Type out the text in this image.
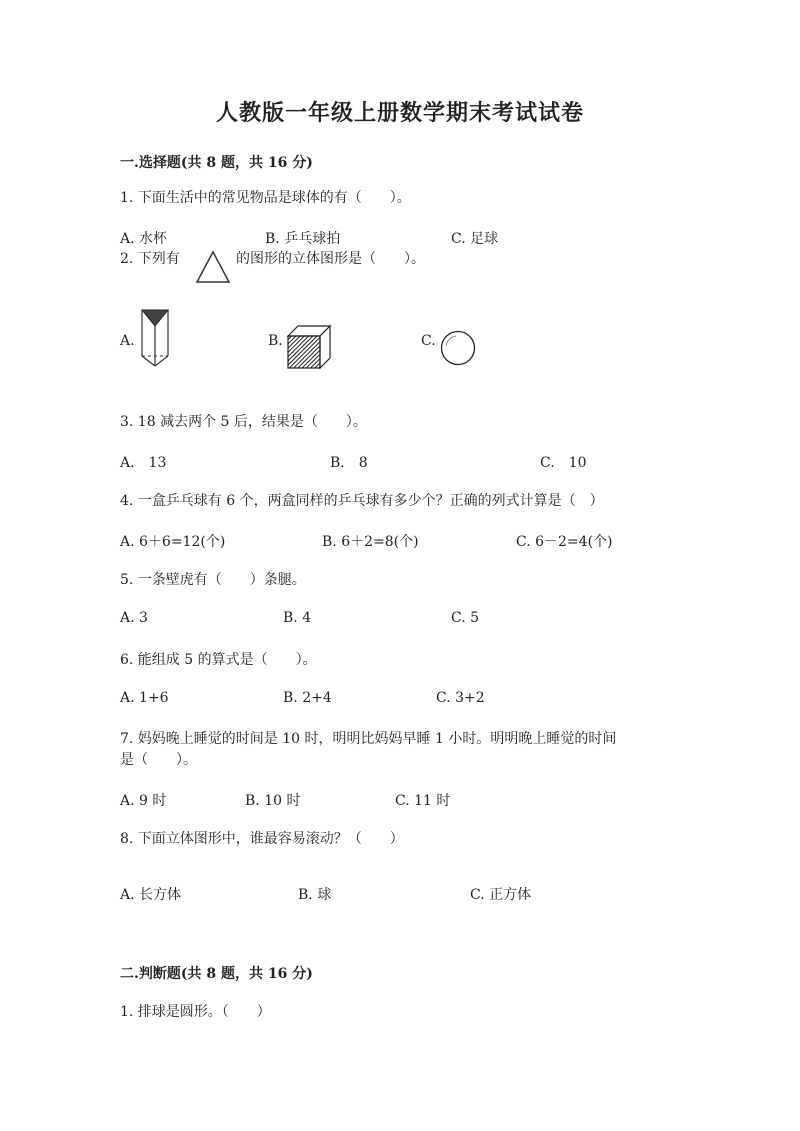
人教版一年级上册数学期末考试试卷
一.选择题(共 8 题，共 16 分)
1. 下面生活中的常见物品是球体的有（　　）。
A. 水杯	B. 乒乓球拍	C. 足球
2. 下列有	的图形的立体图形是（　　）。
A.	B.	C.
3. 18 减去两个 5 后，结果是（　　）。
A.　13	B.　8	C.　10
4. 一盒乒乓球有 6 个，两盒同样的乒乓球有多少个？正确的列式计算是（　）
A. 6＋6=12(个)	B. 6＋2=8(个)	C. 6－2=4(个)
5. 一条壁虎有（　　）条腿。
A. 3	B. 4	C. 5
6. 能组成 5 的算式是（　　）。
A. 1+6	B. 2+4	C. 3+2
7. 妈妈晚上睡觉的时间是 10 时，明明比妈妈早睡 1 小时。明明晚上睡觉的时间
是（　　）。
A. 9 时	B. 10 时	C. 11 时
8. 下面立体图形中，谁最容易滚动？（　　）
A. 长方体	B. 球	C. 正方体
二.判断题(共 8 题，共 16 分)
1. 排球是圆形。（　　）
